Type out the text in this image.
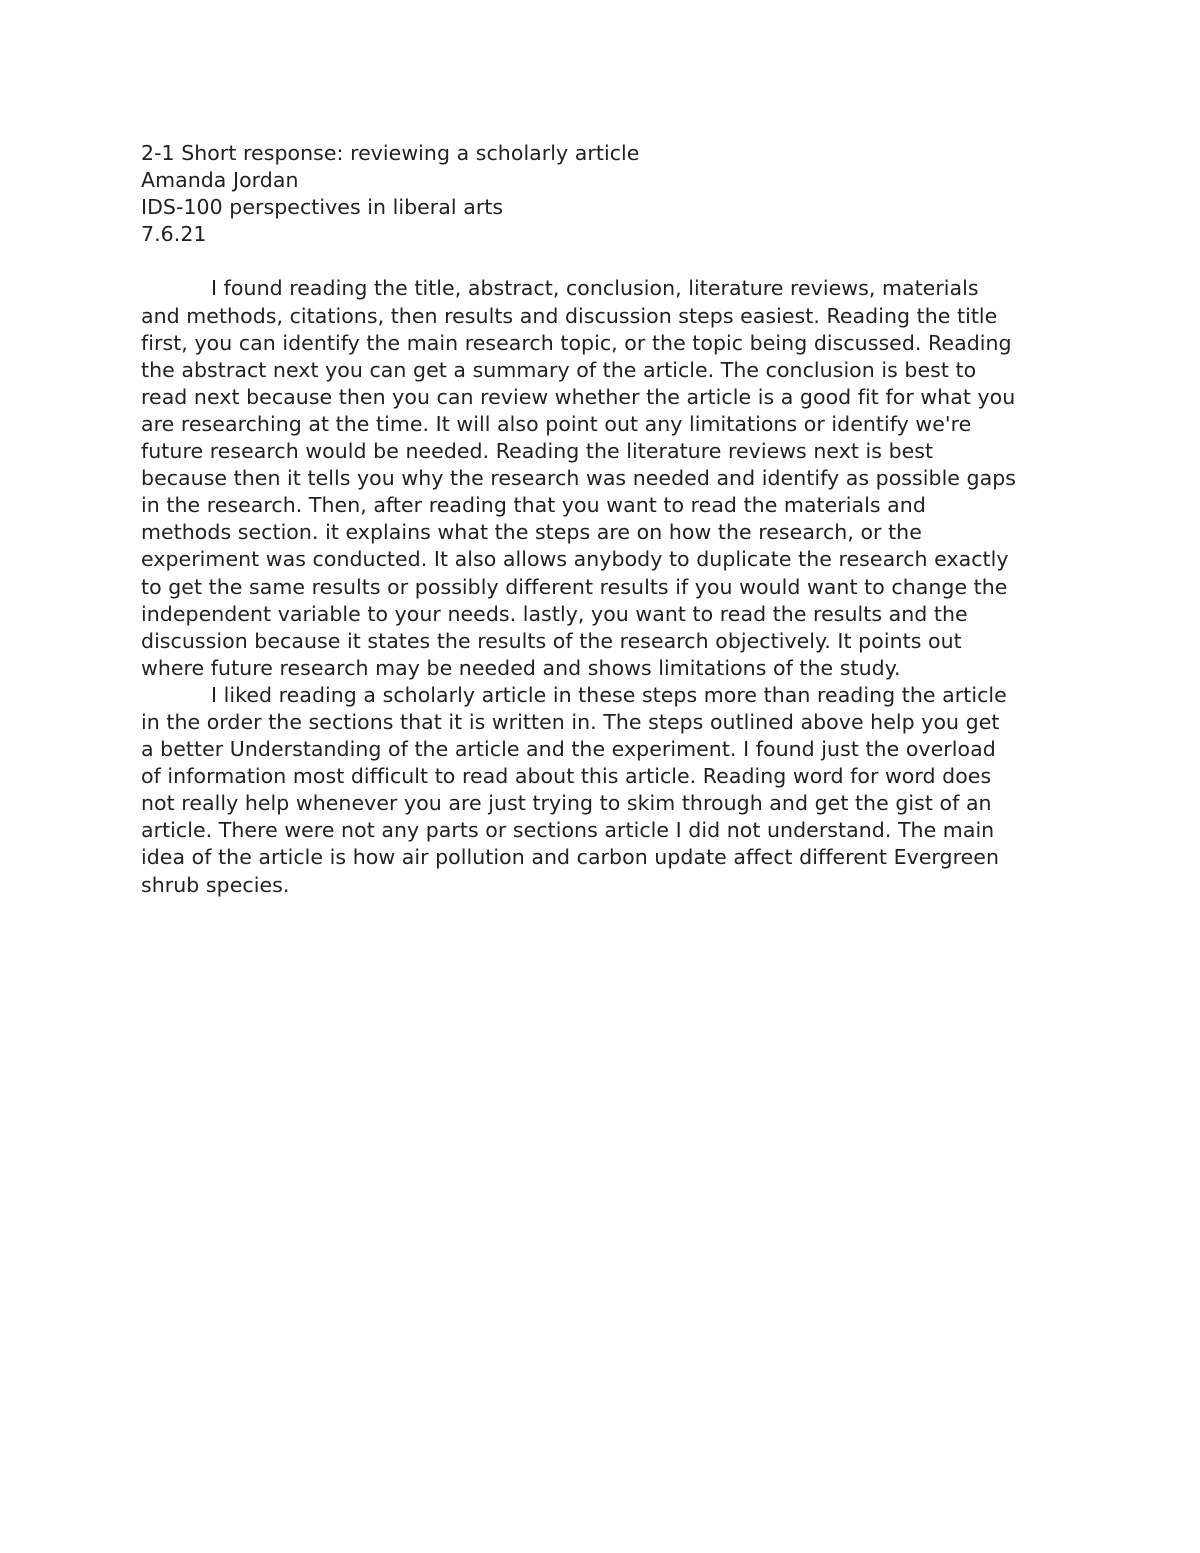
2-1 Short response: reviewing a scholarly article
Amanda Jordan
IDS-100 perspectives in liberal arts
7.6.21
I found reading the title, abstract, conclusion, literature reviews, materials
and methods, citations, then results and discussion steps easiest. Reading the title
first, you can identify the main research topic, or the topic being discussed. Reading
the abstract next you can get a summary of the article. The conclusion is best to
read next because then you can review whether the article is a good fit for what you
are researching at the time. It will also point out any limitations or identify we're
future research would be needed. Reading the literature reviews next is best
because then it tells you why the research was needed and identify as possible gaps
in the research. Then, after reading that you want to read the materials and
methods section. it explains what the steps are on how the research, or the
experiment was conducted. It also allows anybody to duplicate the research exactly
to get the same results or possibly different results if you would want to change the
independent variable to your needs. lastly, you want to read the results and the
discussion because it states the results of the research objectively. It points out
where future research may be needed and shows limitations of the study.
I liked reading a scholarly article in these steps more than reading the article
in the order the sections that it is written in. The steps outlined above help you get
a better Understanding of the article and the experiment. I found just the overload
of information most difficult to read about this article. Reading word for word does
not really help whenever you are just trying to skim through and get the gist of an
article. There were not any parts or sections article I did not understand. The main
idea of the article is how air pollution and carbon update affect different Evergreen
shrub species.
